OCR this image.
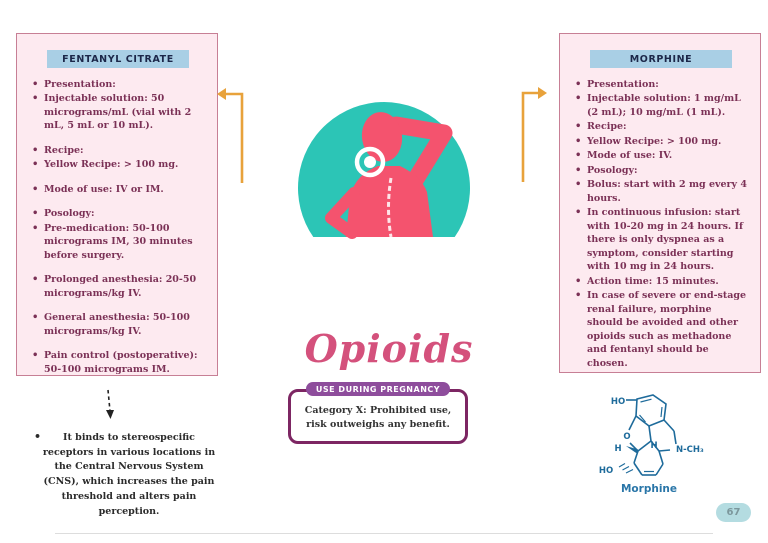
FENTANYL CITRATE
• Presentation:
• Injectable solution: 50 micrograms/mL (vial with 2 mL, 5 mL or 10 mL).
• Recipe:
• Yellow Recipe: > 100 mg.
• Mode of use: IV or IM.
• Posology:
• Pre-medication: 50-100 micrograms IM, 30 minutes before surgery.
• Prolonged anesthesia: 20-50 micrograms/kg IV.
• General anesthesia: 50-100 micrograms/kg IV.
• Pain control (postoperative): 50-100 micrograms IM.
MORPHINE
• Presentation:
• Injectable solution: 1 mg/mL (2 mL); 10 mg/mL (1 mL).
• Recipe:
• Yellow Recipe: > 100 mg.
• Mode of use: IV.
• Posology:
• Bolus: start with 2 mg every 4 hours.
• In continuous infusion: start with 10-20 mg in 24 hours. If there is only dyspnea as a symptom, consider starting with 10 mg in 24 hours.
• Action time: 15 minutes.
• In case of severe or end-stage renal failure, morphine should be avoided and other opioids such as methadone and fentanyl should be chosen.
Opioids
USE DURING PREGNANCY
Category X: Prohibited use, risk outweighs any benefit.
•	It binds to stereospecific receptors in various locations in the Central Nervous System (CNS), which increases the pain threshold and alters pain perception.
HO
O
H	H N-CH₃
HO
Morphine
67
